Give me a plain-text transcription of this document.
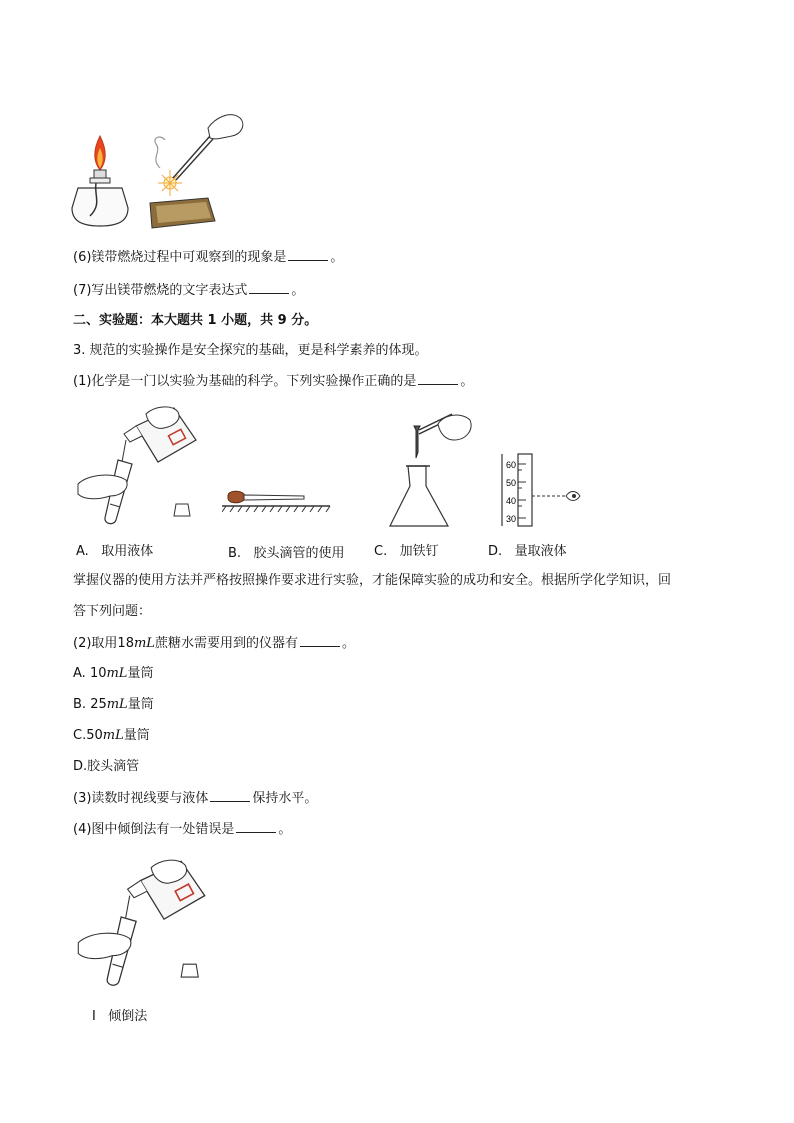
(6)镁带燃烧过程中可观察到的现象是	。
(7)写出镁带燃烧的文字表达式	。
二、实验题：本大题共 1 小题，共 9 分。
3. 规范的实验操作是安全探究的基础，更是科学素养的体现。
(1)化学是一门以实验为基础的科学。下列实验操作正确的是	。
60
50
40
30
A. 取用液体	B. 胶头滴管的使用 C. 加铁钉	D. 量取液体
掌握仪器的使用方法并严格按照操作要求进行实验，才能保障实验的成功和安全。根据所学化学知识，回
答下列问题：
(2)取用18mL蔗糖水需要用到的仪器有	。
A. 10mL量筒
B. 25mL量筒
C.50mL量筒
D.胶头滴管
(3)读数时视线要与液体	保持水平。
(4)图中倾倒法有一处错误是	。
Ⅰ 倾倒法
